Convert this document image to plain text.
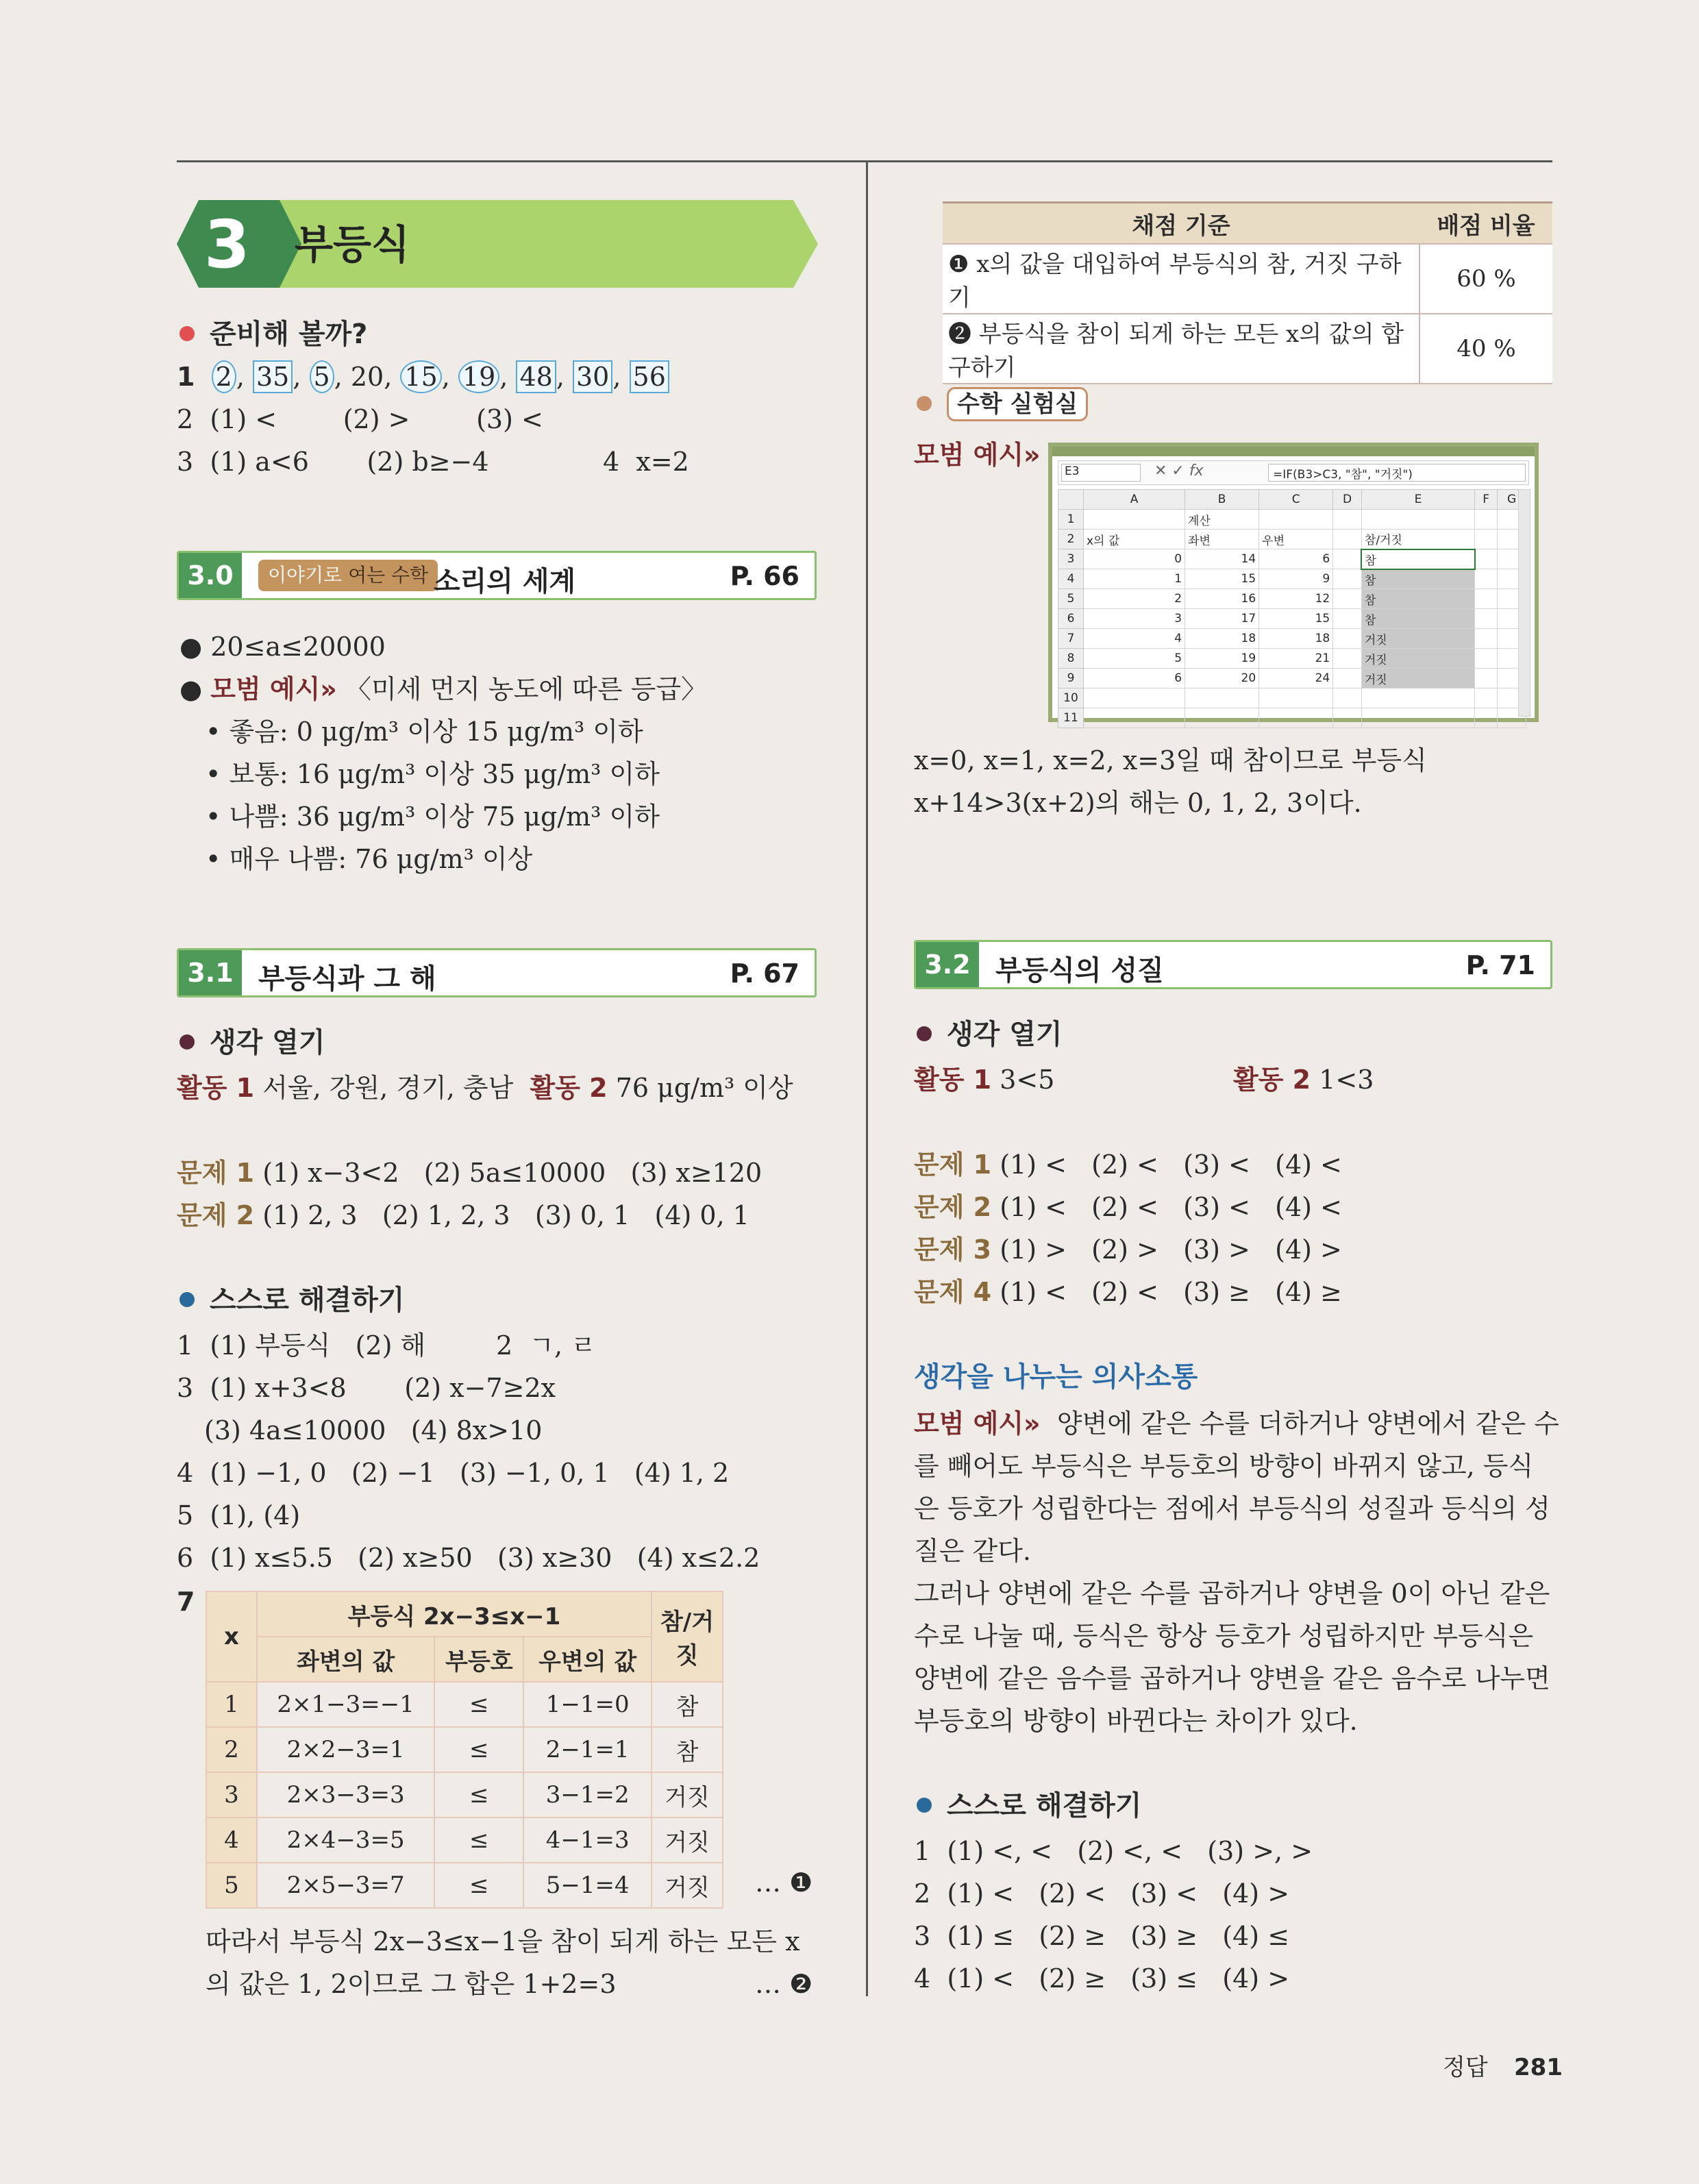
3 부등식
준비해 볼까?
1 2 , 35 , 5 , 20, 15 , 19 , 48 , 30 , 56
2  (1) <        (2) >        (3) <
3  (1) a<6       (2) b≥−4	4  x=2
3.0	이야기로 여는 수학 소리의 세계	P. 66
● 20≤a≤20000
● 모범 예시» 〈미세 먼지 농도에 따른 등급〉
• 좋음: 0 μg/m³ 이상 15 μg/m³ 이하
• 보통: 16 μg/m³ 이상 35 μg/m³ 이하
• 나쁨: 36 μg/m³ 이상 75 μg/m³ 이하
• 매우 나쁨: 76 μg/m³ 이상
3.1 부등식과 그 해	P. 67
생각 열기
활동 1 서울, 강원, 경기, 충남 활동 2 76 μg/m³ 이상
문제 1 (1) x−3<2   (2) 5a≤10000   (3) x≥120
문제 2 (1) 2, 3   (2) 1, 2, 3   (3) 0, 1   (4) 0, 1
스스로 해결하기
1  (1) 부등식   (2) 해	2  ㄱ, ㄹ
3  (1) x+3<8       (2) x−7≥2x
(3) 4a≤10000   (4) 8x>10
4  (1) −1, 0   (2) −1   (3) −1, 0, 1   (4) 1, 2
5  (1), (4)
6  (1) x≤5.5   (2) x≥50   (3) x≥30   (4) x≤2.2
7
x	부등식 2x−3≤x−1			참/거짓
	좌변의 값	부등호	우변의 값	
1	2×1−3=−1	≤	1−1=0	참
2	2×2−3=1	≤	2−1=1	참
3	2×3−3=3	≤	3−1=2	거짓
4	2×4−3=5	≤	4−1=3	거짓
5	2×5−3=7	≤	5−1=4	거짓 … ❶
따라서 부등식 2x−3≤x−1을 참이 되게 하는 모든 x
의 값은 1, 2이므로 그 합은 1+2=3	… ❷
채점 기준	배점 비율
❶ x의 값을 대입하여 부등식의 참, 거짓 구하기	60 %
❷ 부등식을 참이 되게 하는 모든 x의 값의 합 구하기	40 %
수학 실험실
모범 예시»
E3	✕ ✓ fx	=IF(B3>C3, "참", "거짓")
	A	B	C	D	E	F	G
1		계산					
2	x의 값	좌변	우변		참/거짓		
3	0	14	6		참		
4	1	15	9		참		
5	2	16	12		참		
6	3	17	15		참		
7	4	18	18		거짓		
8	5	19	21		거짓		
9	6	20	24		거짓		
10							
11							
x=0, x=1, x=2, x=3일 때 참이므로 부등식
x+14>3(x+2)의 해는 0, 1, 2, 3이다.
3.2 부등식의 성질	P. 71
생각 열기
활동 1 3<5	활동 2 1<3
문제 1 (1) <   (2) <   (3) <   (4) <
문제 2 (1) <   (2) <   (3) <   (4) <
문제 3 (1) >   (2) >   (3) >   (4) >
문제 4 (1) <   (2) <   (3) ≥   (4) ≥
생각을 나누는 의사소통
모범 예시» 양변에 같은 수를 더하거나 양변에서 같은 수
를 빼어도 부등식은 부등호의 방향이 바뀌지 않고, 등식
은 등호가 성립한다는 점에서 부등식의 성질과 등식의 성
질은 같다.
그러나 양변에 같은 수를 곱하거나 양변을 0이 아닌 같은
수로 나눌 때, 등식은 항상 등호가 성립하지만 부등식은
양변에 같은 음수를 곱하거나 양변을 같은 음수로 나누면
부등호의 방향이 바뀐다는 차이가 있다.
스스로 해결하기
1  (1) <, <   (2) <, <   (3) >, >
2  (1) <   (2) <   (3) <   (4) >
3  (1) ≤   (2) ≥   (3) ≥   (4) ≤
4  (1) <   (2) ≥   (3) ≤   (4) >
정답 281
